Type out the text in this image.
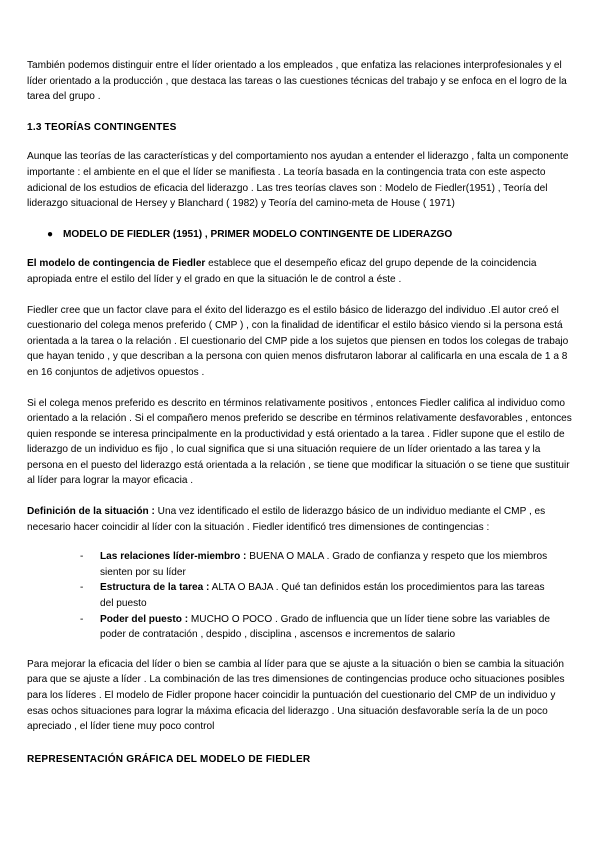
También podemos distinguir entre el líder orientado a los empleados , que enfatiza las relaciones interprofesionales y el líder orientado a la producción , que destaca las tareas o las cuestiones técnicas del trabajo y se enfoca en el logro de la tarea del grupo .

1.3 TEORÍAS CONTINGENTES

Aunque las teorías de las características y del comportamiento nos ayudan a entender el liderazgo , falta un componente importante : el ambiente en el que el líder se manifiesta . La teoría basada en la contingencia trata con este aspecto adicional de los estudios de eficacia del liderazgo . Las tres teorías claves son : Modelo de Fiedler(1951) , Teoría del liderazgo situacional de Hersey y Blanchard ( 1982) y Teoría del camino-meta de House ( 1971)

● MODELO DE FIEDLER (1951) , PRIMER MODELO CONTINGENTE DE LIDERAZGO

El modelo de contingencia de Fiedler establece que el desempeño eficaz del grupo depende de la coincidencia apropiada entre el estilo del líder y el grado en que la situación le de control a éste .

Fiedler cree que un factor clave para el éxito del liderazgo es el estilo básico de liderazgo del individuo .El autor creó el cuestionario del colega menos preferido ( CMP ) , con la finalidad de identificar el estilo básico viendo si la persona está orientada a la tarea o la relación . El cuestionario del CMP pide a los sujetos que piensen en todos los colegas de trabajo que hayan tenido , y que describan a la persona con quien menos disfrutaron laborar al calificarla en una escala de 1 a 8 en 16 conjuntos de adjetivos opuestos .

Si el colega menos preferido es descrito en términos relativamente positivos , entonces Fiedler califica al individuo como orientado a la relación . Si el compañero menos preferido se describe en términos relativamente desfavorables , entonces quien responde se interesa principalmente en la productividad y está orientado a la tarea . Fidler supone que el estilo de liderazgo de un individuo es fijo , lo cual significa que si una situación requiere de un líder orientado a las tarea y la persona en el puesto del liderazgo está orientada a la relación , se tiene que modificar la situación o se tiene que sustituir al líder para lograr la mayor eficacia .

Definición de la situación : Una vez identificado el estilo de liderazgo básico de un individuo mediante el CMP , es necesario hacer coincidir al líder con la situación . Fiedler identificó tres dimensiones de contingencias :

-	Las relaciones líder-miembro : BUENA O MALA . Grado de confianza y respeto que los miembros sienten por su líder
-	Estructura de la tarea : ALTA O BAJA . Qué tan definidos están los procedimientos para las tareas del puesto
-	Poder del puesto : MUCHO O POCO . Grado de influencia que un líder tiene sobre las variables de poder de contratación , despido , disciplina , ascensos e incrementos de salario

Para mejorar la eficacia del líder o bien se cambia al líder para que se ajuste a la situación o bien se cambia la situación para que se ajuste a líder . La combinación de las tres dimensiones de contingencias produce ocho situaciones posibles para los líderes . El modelo de Fidler propone hacer coincidir la puntuación del cuestionario del CMP de un individuo y esas ochos situaciones para lograr la máxima eficacia del liderazgo . Una situación desfavorable sería la de un poco apreciado , el líder tiene muy poco control

REPRESENTACIÓN GRÁFICA DEL MODELO DE FIEDLER
